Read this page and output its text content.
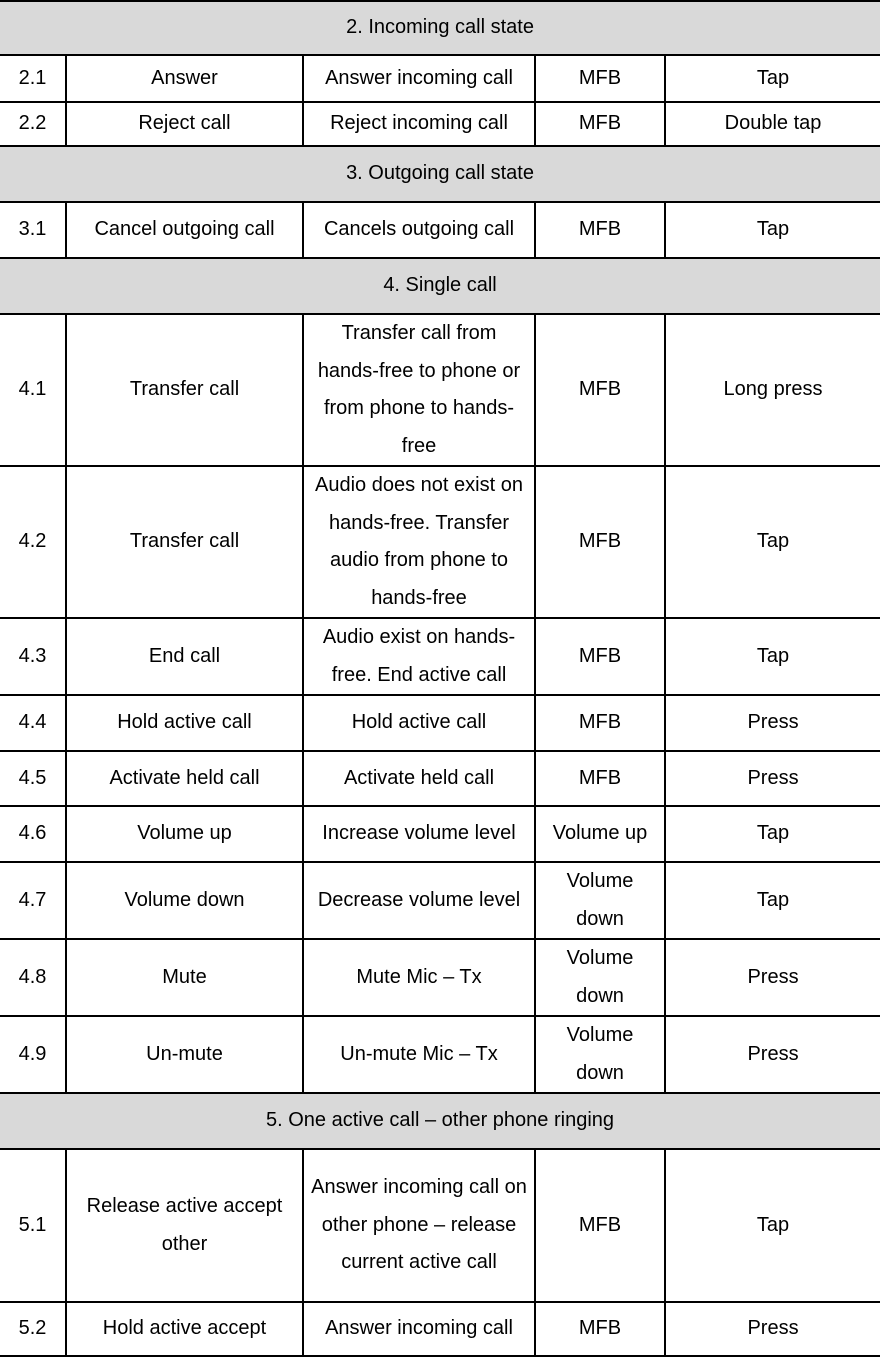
2. Incoming call state				
2.1	Answer	Answer incoming call	MFB	Tap
2.2	Reject call	Reject incoming call	MFB	Double tap
3. Outgoing call state				
3.1	Cancel outgoing call	Cancels outgoing call	MFB	Tap
4. Single call				
4.1	Transfer call	Transfer call from hands-free to phone or from phone to hands-free	MFB	Long press
4.2	Transfer call	Audio does not exist on hands-free. Transfer audio from phone to hands-free	MFB	Tap
4.3	End call	Audio exist on hands-free. End active call	MFB	Tap
4.4	Hold active call	Hold active call	MFB	Press
4.5	Activate held call	Activate held call	MFB	Press
4.6	Volume up	Increase volume level	Volume up	Tap
4.7	Volume down	Decrease volume level	Volume down	Tap
4.8	Mute	Mute Mic – Tx	Volume down	Press
4.9	Un-mute	Un-mute Mic – Tx	Volume down	Press
5. One active call – other phone ringing				
5.1	Release active accept other	Answer incoming call on other phone – release current active call	MFB	Tap
5.2	Hold active accept	Answer incoming call	MFB	Press
